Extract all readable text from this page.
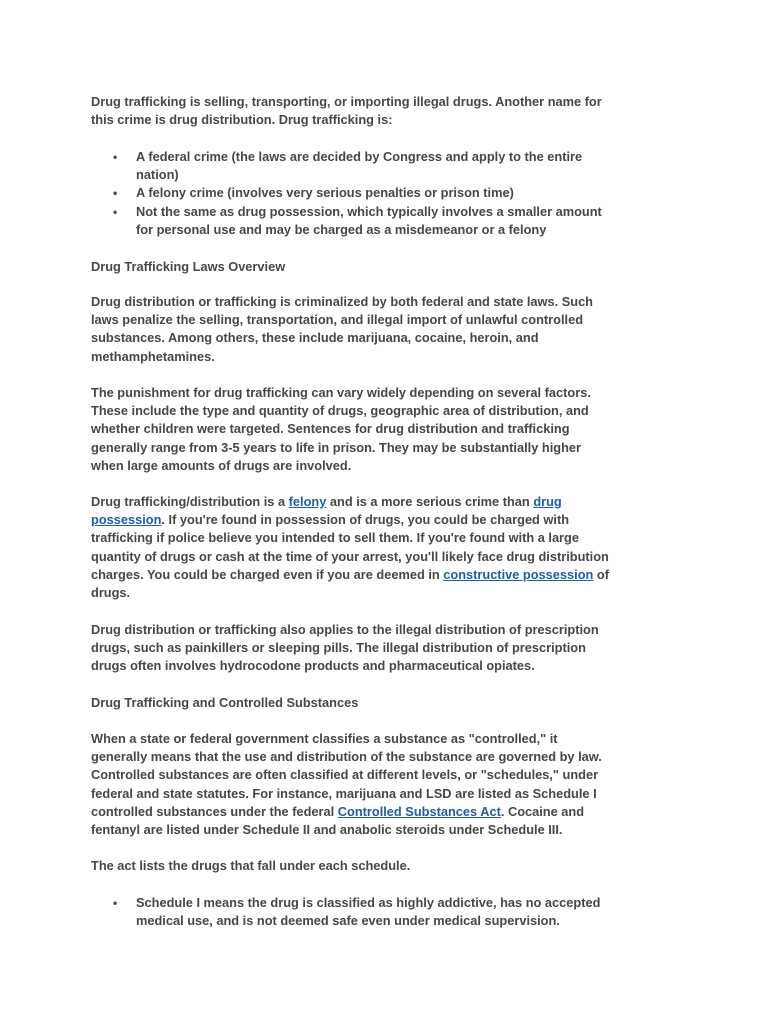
Drug trafficking is selling, transporting, or importing illegal drugs. Another name for
this crime is drug distribution. Drug trafficking is:

• A federal crime (the laws are decided by Congress and apply to the entire
nation)
• A felony crime (involves very serious penalties or prison time)
• Not the same as drug possession, which typically involves a smaller amount
for personal use and may be charged as a misdemeanor or a felony
Drug Trafficking Laws Overview

Drug distribution or trafficking is criminalized by both federal and state laws. Such
laws penalize the selling, transportation, and illegal import of unlawful controlled
substances. Among others, these include marijuana, cocaine, heroin, and
methamphetamines.

The punishment for drug trafficking can vary widely depending on several factors.
These include the type and quantity of drugs, geographic area of distribution, and
whether children were targeted. Sentences for drug distribution and trafficking
generally range from 3-5 years to life in prison. They may be substantially higher
when large amounts of drugs are involved.

Drug trafficking/distribution is a felony and is a more serious crime than drug
possession. If you're found in possession of drugs, you could be charged with
trafficking if police believe you intended to sell them. If you're found with a large
quantity of drugs or cash at the time of your arrest, you'll likely face drug distribution
charges. You could be charged even if you are deemed in constructive possession of
drugs.

Drug distribution or trafficking also applies to the illegal distribution of prescription
drugs, such as painkillers or sleeping pills. The illegal distribution of prescription
drugs often involves hydrocodone products and pharmaceutical opiates.

Drug Trafficking and Controlled Substances

When a state or federal government classifies a substance as "controlled," it
generally means that the use and distribution of the substance are governed by law.
Controlled substances are often classified at different levels, or "schedules," under
federal and state statutes. For instance, marijuana and LSD are listed as Schedule I
controlled substances under the federal Controlled Substances Act. Cocaine and
fentanyl are listed under Schedule II and anabolic steroids under Schedule III.

The act lists the drugs that fall under each schedule.

• Schedule I means the drug is classified as highly addictive, has no accepted
medical use, and is not deemed safe even under medical supervision.
